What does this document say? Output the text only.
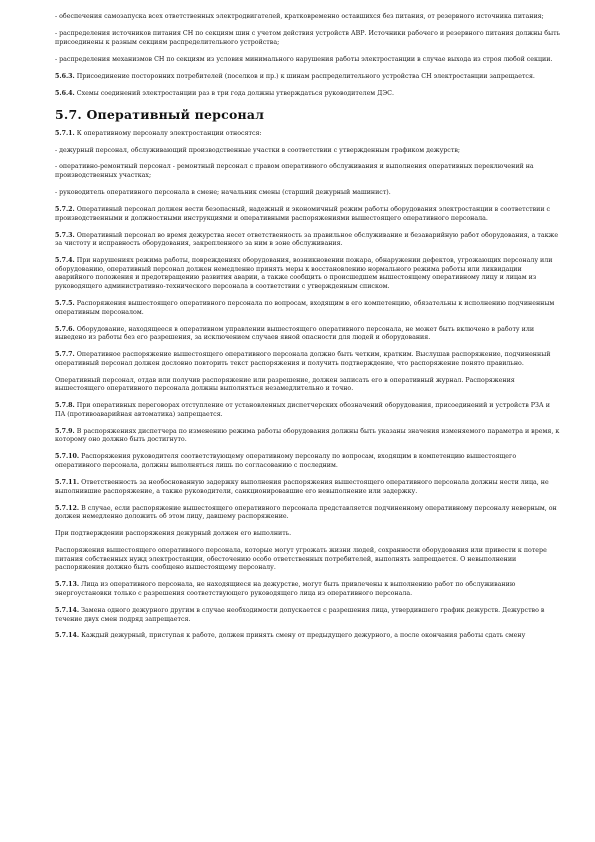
- обеспечения самозапуска всех ответственных электродвигателей, кратковременно оставшихся без питания, от резервного источника питания;

- распределения источников питания СН по секциям шин с учетом действия устройств АВР. Источники рабочего и резервного питания должны быть присоединены к разным секциям распределительного устройства;

- распределения механизмов СН по секциям из условия минимального нарушения работы электростанции в случае выхода из строя любой секции.

5.6.3. Присоединение посторонних потребителей (поселков и пр.) к шинам распределительного устройства СН электростанции запрещается.

5.6.4. Схемы соединений электростанции раз в три года должны утверждаться руководителем ДЭС.

5.7. Оперативный персонал

5.7.1. К оперативному персоналу электростанции относятся:

- дежурный персонал, обслуживающий производственные участки в соответствии с утвержденным графиком дежурств;

- оперативно-ремонтный персонал - ремонтный персонал с правом оперативного обслуживания и выполнения оперативных переключений на производственных участках;

- руководитель оперативного персонала в смене; начальник смены (старший дежурный машинист).

5.7.2. Оперативный персонал должен вести безопасный, надежный и экономичный режим работы оборудования электростанции в соответствии с производственными и должностными инструкциями и оперативными распоряжениями вышестоящего оперативного персонала.

5.7.3. Оперативный персонал во время дежурства несет ответственность за правильное обслуживание и безаварийную работ оборудования, а также за чистоту и исправность оборудования, закрепленного за ним в зоне обслуживания.

5.7.4. При нарушениях режима работы, повреждениях оборудования, возникновении пожара, обнаружении дефектов, угрожающих персоналу или оборудованию, оперативный персонал должен немедленно принять меры к восстановлению нормального режима работы или ликвидации аварийного положения и предотвращению развития аварии, а также сообщить о происшедшем вышестоящему оперативному лицу и лицам из руководящего административно-технического персонала в соответствии с утвержденным списком.

5.7.5. Распоряжения вышестоящего оперативного персонала по вопросам, входящим в его компетенцию, обязательны к исполнению подчиненным оперативным персоналом.

5.7.6. Оборудование, находящееся в оперативном управлении вышестоящего оперативного персонала, не может быть включено в работу или выведено из работы без его разрешения, за исключением случаев явной опасности для людей и оборудования.

5.7.7. Оперативное распоряжение вышестоящего оперативного персонала должно быть четким, кратким. Выслушав распоряжение, подчиненный оперативный персонал должен дословно повторить текст распоряжения и получить подтверждение, что распоряжение понято правильно.

Оперативный персонал, отдав или получив распоряжение или разрешение, должен записать его в оперативный журнал. Распоряжения вышестоящего оперативного персонала должны выполняться незамедлительно и точно.

5.7.8. При оперативных переговорах отступление от установленных диспетчерских обозначений оборудования, присоединений и устройств РЗА и ПА (противоаварийная автоматика) запрещается.

5.7.9. В распоряжениях диспетчера по изменению режима работы оборудования должны быть указаны значения изменяемого параметра и время, к которому оно должно быть достигнуто.

5.7.10. Распоряжения руководителя соответствующему оперативному персоналу по вопросам, входящим в компетенцию вышестоящего оперативного персонала, должны выполняться лишь по согласованию с последним.

5.7.11. Ответственность за необоснованную задержку выполнения распоряжения вышестоящего оперативного персонала должны нести лица, не выполнившие распоряжение, а также руководители, санкционировавшие его невыполнение или задержку.

5.7.12. В случае, если распоряжение вышестоящего оперативного персонала представляется подчиненному оперативному персоналу неверным, он должен немедленно доложить об этом лицу, давшему распоряжение.

При подтверждении распоряжения дежурный должен его выполнить.

Распоряжения вышестоящего оперативного персонала, которые могут угрожать жизни людей, сохранности оборудования или привести к потере питания собственных нужд электростанции, обесточению особо ответственных потребителей, выполнять запрещается. О невыполнении распоряжения должно быть сообщено вышестоящему персоналу.

5.7.13. Лица из оперативного персонала, не находящиеся на дежурстве, могут быть привлечены к выполнению работ по обслуживанию энергоустановки только с разрешения соответствующего руководящего лица из оперативного персонала.

5.7.14. Замена одного дежурного другим в случае необходимости допускается с разрешения лица, утвердившего график дежурств. Дежурство в течение двух смен подряд запрещается.

5.7.14. Каждый дежурный, приступая к работе, должен принять смену от предыдущего дежурного, а после окончания работы сдать смену
